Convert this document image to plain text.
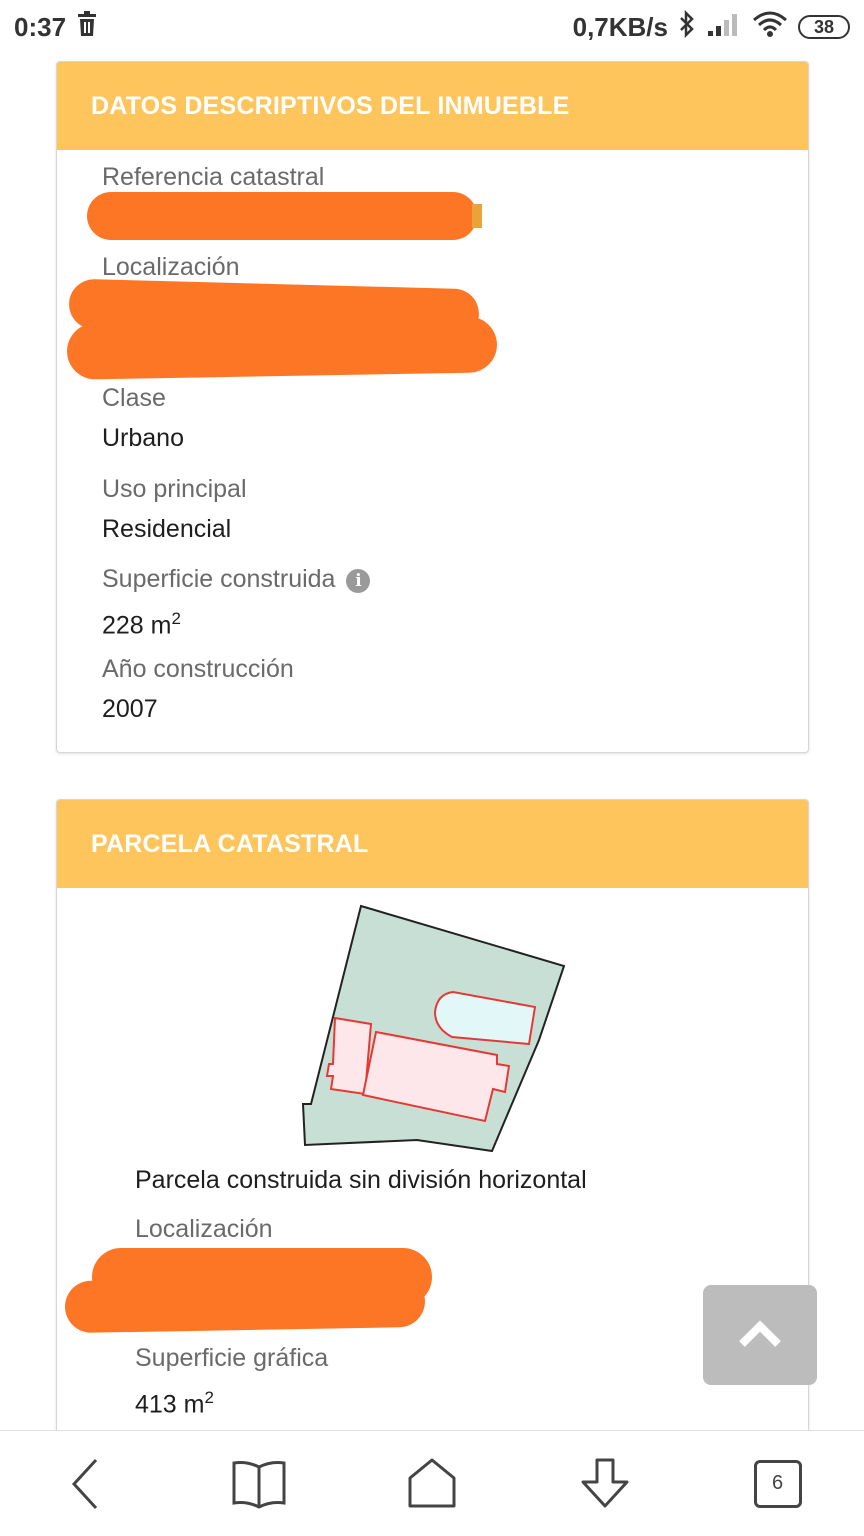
0:37	0,7KB/s	38
DATOS DESCRIPTIVOS DEL INMUEBLE
Referencia catastral
Localización
Clase
Urbano
Uso principal
Residencial
Superficie construida i
228 $m^2$
Año construcción
2007
PARCELA CATASTRAL
Parcela construida sin división horizontal
Localización
Superficie gráfica
413 $m^2$
6
